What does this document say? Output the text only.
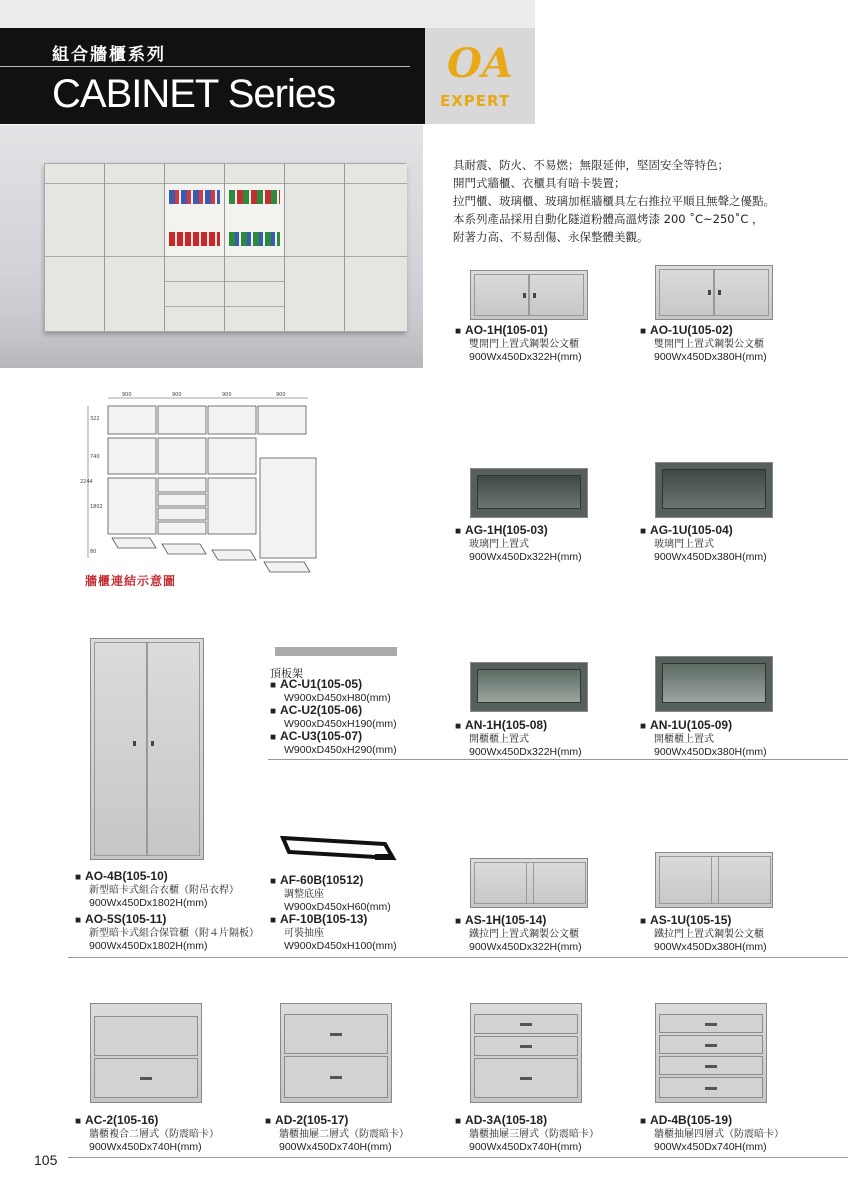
組合牆櫃系列
CABINET Series
OA
EXPERT
具耐震、防火、不易燃；無限延伸，堅固安全等特色；
開門式牆櫃、衣櫃具有暗卡裝置；
拉門櫃、玻璃櫃、玻璃加框牆櫃具左右推拉平順且無聲之優點。
本系列產品採用自動化隧道粉體高溫烤漆 200 ˚C~250˚C ，
附著力高、不易刮傷、永保整體美觀。
■ AO-1H(105-01)
雙開門上置式鋼製公文櫃
900Wx450Dx322H(mm)
■ AO-1U(105-02)
雙開門上置式鋼製公文櫃
900Wx450Dx380H(mm)
900	900	900	900
322
740
1802
80
2244
牆櫃連結示意圖
■ AG-1H(105-03)
玻璃門上置式
900Wx450Dx322H(mm)
■ AG-1U(105-04)
玻璃門上置式
900Wx450Dx380H(mm)
■ AO-4B(105-10)
新型暗卡式組合衣櫃（附吊衣桿）
900Wx450Dx1802H(mm)
■ AO-5S(105-11)
新型暗卡式組合保管櫃（附４片隔板）
900Wx450Dx1802H(mm)
頂板架
■ AC-U1(105-05)
W900xD450xH80(mm)
■ AC-U2(105-06)
W900xD450xH190(mm)
■ AC-U3(105-07)
W900xD450xH290(mm)
■ AN-1H(105-08)
開櫃櫃上置式
900Wx450Dx322H(mm)
■ AN-1U(105-09)
開櫃櫃上置式
900Wx450Dx380H(mm)
■ AF-60B(10512)
調整底座
W900xD450xH60(mm)
■ AF-10B(105-13)
可裝抽座
W900xD450xH100(mm)
■ AS-1H(105-14)
鐵拉門上置式鋼製公文櫃
900Wx450Dx322H(mm)
■ AS-1U(105-15)
鐵拉門上置式鋼製公文櫃
900Wx450Dx380H(mm)
■ AC-2(105-16)
牆櫃複合二層式（防震暗卡）
900Wx450Dx740H(mm)
■ AD-2(105-17)
牆櫃抽屜二層式（防震暗卡）
900Wx450Dx740H(mm)
■ AD-3A(105-18)
牆櫃抽屜三層式（防震暗卡）
900Wx450Dx740H(mm)
■ AD-4B(105-19)
牆櫃抽屜四層式（防震暗卡）
900Wx450Dx740H(mm)
105
